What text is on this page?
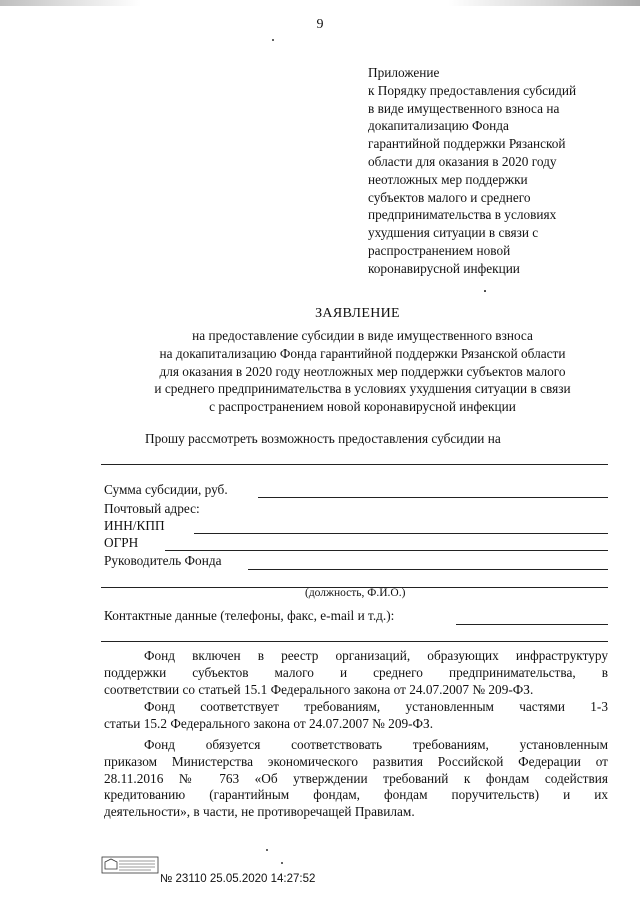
9
Приложение
к Порядку предоставления субсидий
в виде имущественного взноса на
докапитализацию Фонда
гарантийной поддержки Рязанской
области для оказания в 2020 году
неотложных мер поддержки
субъектов малого и среднего
предпринимательства в условиях
ухудшения ситуации в связи с
распространением новой
коронавирусной инфекции
ЗАЯВЛЕНИЕ
на предоставление субсидии в виде имущественного взноса
на докапитализацию Фонда гарантийной поддержки Рязанской области
для оказания в 2020 году неотложных мер поддержки субъектов малого
и среднего предпринимательства в условиях ухудшения ситуации в связи
с распространением новой коронавирусной инфекции
Прошу рассмотреть возможность предоставления субсидии на
Сумма субсидии, руб.
Почтовый адрес:
ИНН/КПП
ОГРН
Руководитель Фонда
(должность, Ф.И.О.)
Контактные данные (телефоны, факс, e-mail и т.д.):
Фонд включен в реестр организаций, образующих инфраструктуру
поддержки субъектов малого и среднего предпринимательства, в
соответствии со статьей 15.1 Федерального закона от 24.07.2007 № 209-ФЗ.
Фонд соответствует требованиям, установленным частями 1-3
статьи 15.2 Федерального закона от 24.07.2007 № 209-ФЗ.
Фонд обязуется соответствовать требованиям, установленным
приказом Министерства экономического развития Российской Федерации от
28.11.2016 № 763 «Об утверждении требований к фондам содействия
кредитованию (гарантийным фондам, фондам поручительств) и их
деятельности», в части, не противоречащей Правилам.
№ 23110 25.05.2020 14:27:52
